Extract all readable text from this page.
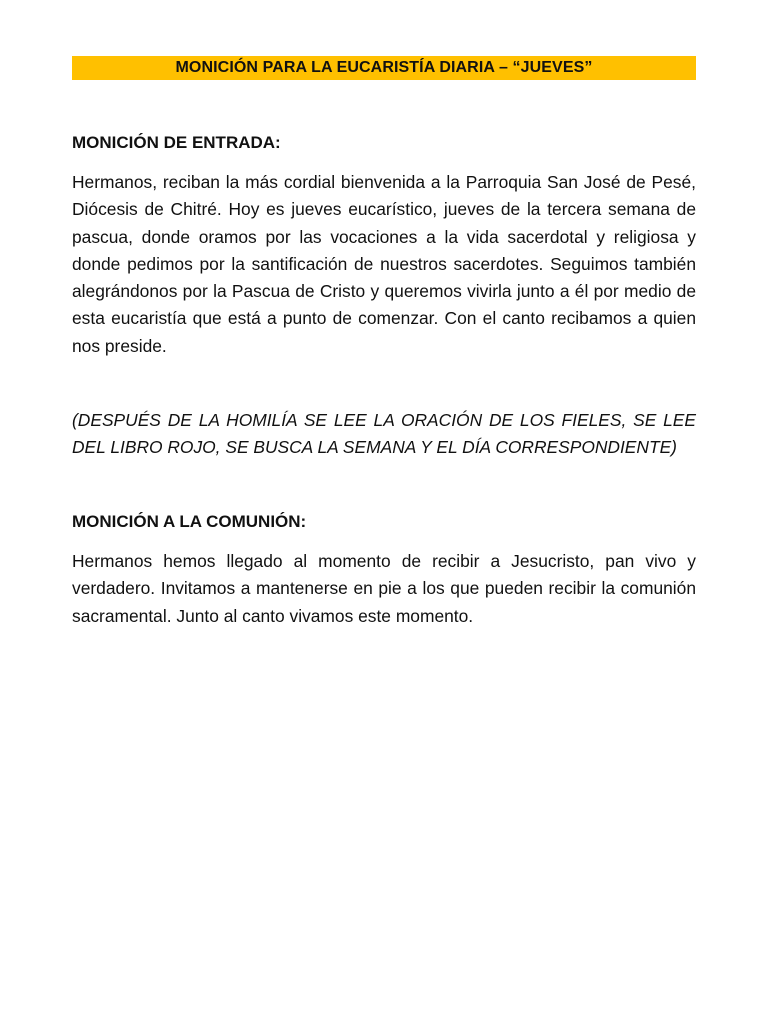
MONICIÓN PARA LA EUCARISTÍA DIARIA – “JUEVES”
MONICIÓN DE ENTRADA:

Hermanos, reciban la más cordial bienvenida a la Parroquia San José de Pesé, Diócesis de Chitré. Hoy es jueves eucarístico, jueves de la tercera semana de pascua, donde oramos por las vocaciones a la vida sacerdotal y religiosa y donde pedimos por la santificación de nuestros sacerdotes. Seguimos también alegrándonos por la Pascua de Cristo y queremos vivirla junto a él por medio de esta eucaristía que está a punto de comenzar. Con el canto recibamos a quien nos preside.

(DESPUÉS DE LA HOMILÍA SE LEE LA ORACIÓN DE LOS FIELES, SE LEE DEL LIBRO ROJO, SE BUSCA LA SEMANA Y EL DÍA CORRESPONDIENTE)

MONICIÓN A LA COMUNIÓN:

Hermanos hemos llegado al momento de recibir a Jesucristo, pan vivo y verdadero. Invitamos a mantenerse en pie a los que pueden recibir la comunión sacramental. Junto al canto vivamos este momento.
